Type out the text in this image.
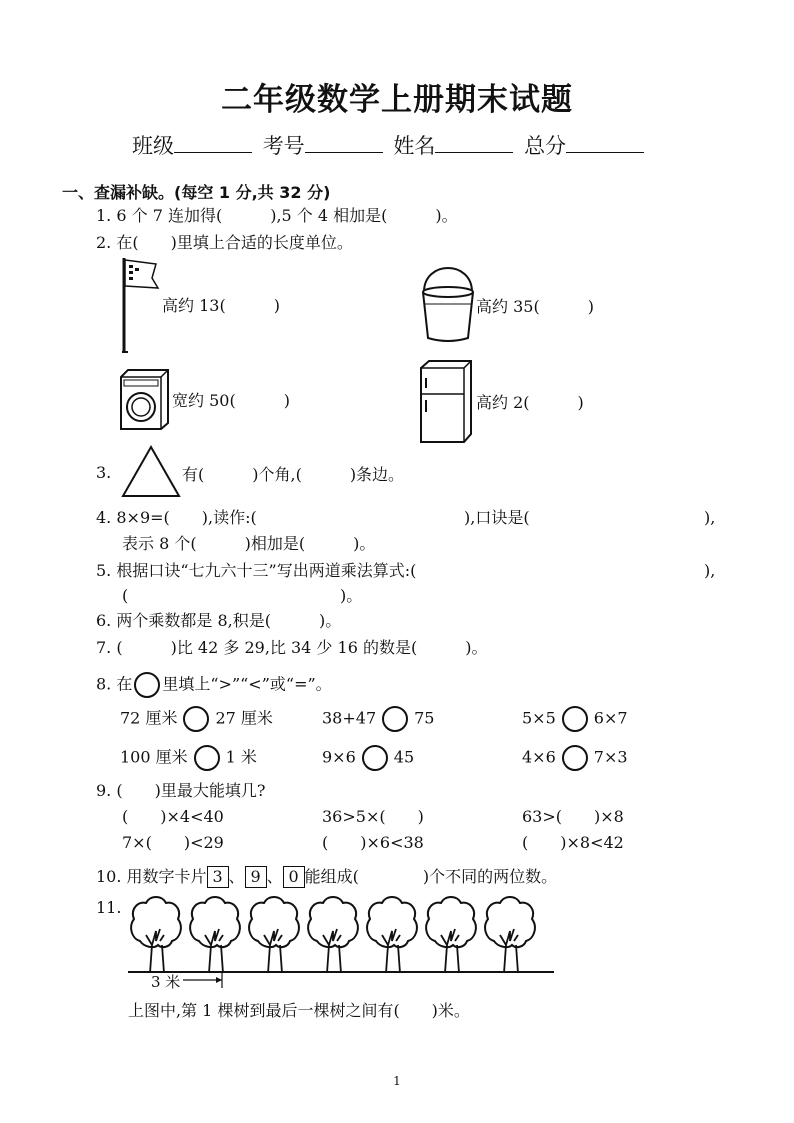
二年级数学上册期末试题
班级	考号	姓名	总分
一、查漏补缺。(每空 1 分,共 32 分)
1. 6 个 7 连加得(　　　),5 个 4 相加是(　　　)。
2. 在(　　)里填上合适的长度单位。
高约 13(　　　)	高约 35(　　　)
宽约 50(　　　)	高约 2(　　　)
3.	有(　　　)个角,(　　　)条边。
4. 8×9=(　　),读作:(	),口诀是(	),
表示 8 个(　　　)相加是(　　　)。
5. 根据口诀“七九六十三”写出两道乘法算式:(	),
(	)。
6. 两个乘数都是 8,积是(　　　)。
7. (　　　)比 42 多 29,比 34 少 16 的数是(　　　)。
8. 在 里填上“>”“<”或“=”。
72 厘米 27 厘米	38+47 75	5×5 6×7
100 厘米 1 米	9×6 45	4×6 7×3
9. (　　)里最大能填几?
(　　)×4<40	36>5×(　　)	63>(　　)×8
7×(　　)<29	(　　)×6<38	(　　)×8<42
10. 用数字卡片 3 、 9 、 0 能组成(　　　　)个不同的两位数。
11.
3 米
上图中,第 1 棵树到最后一棵树之间有(　　)米。
1
